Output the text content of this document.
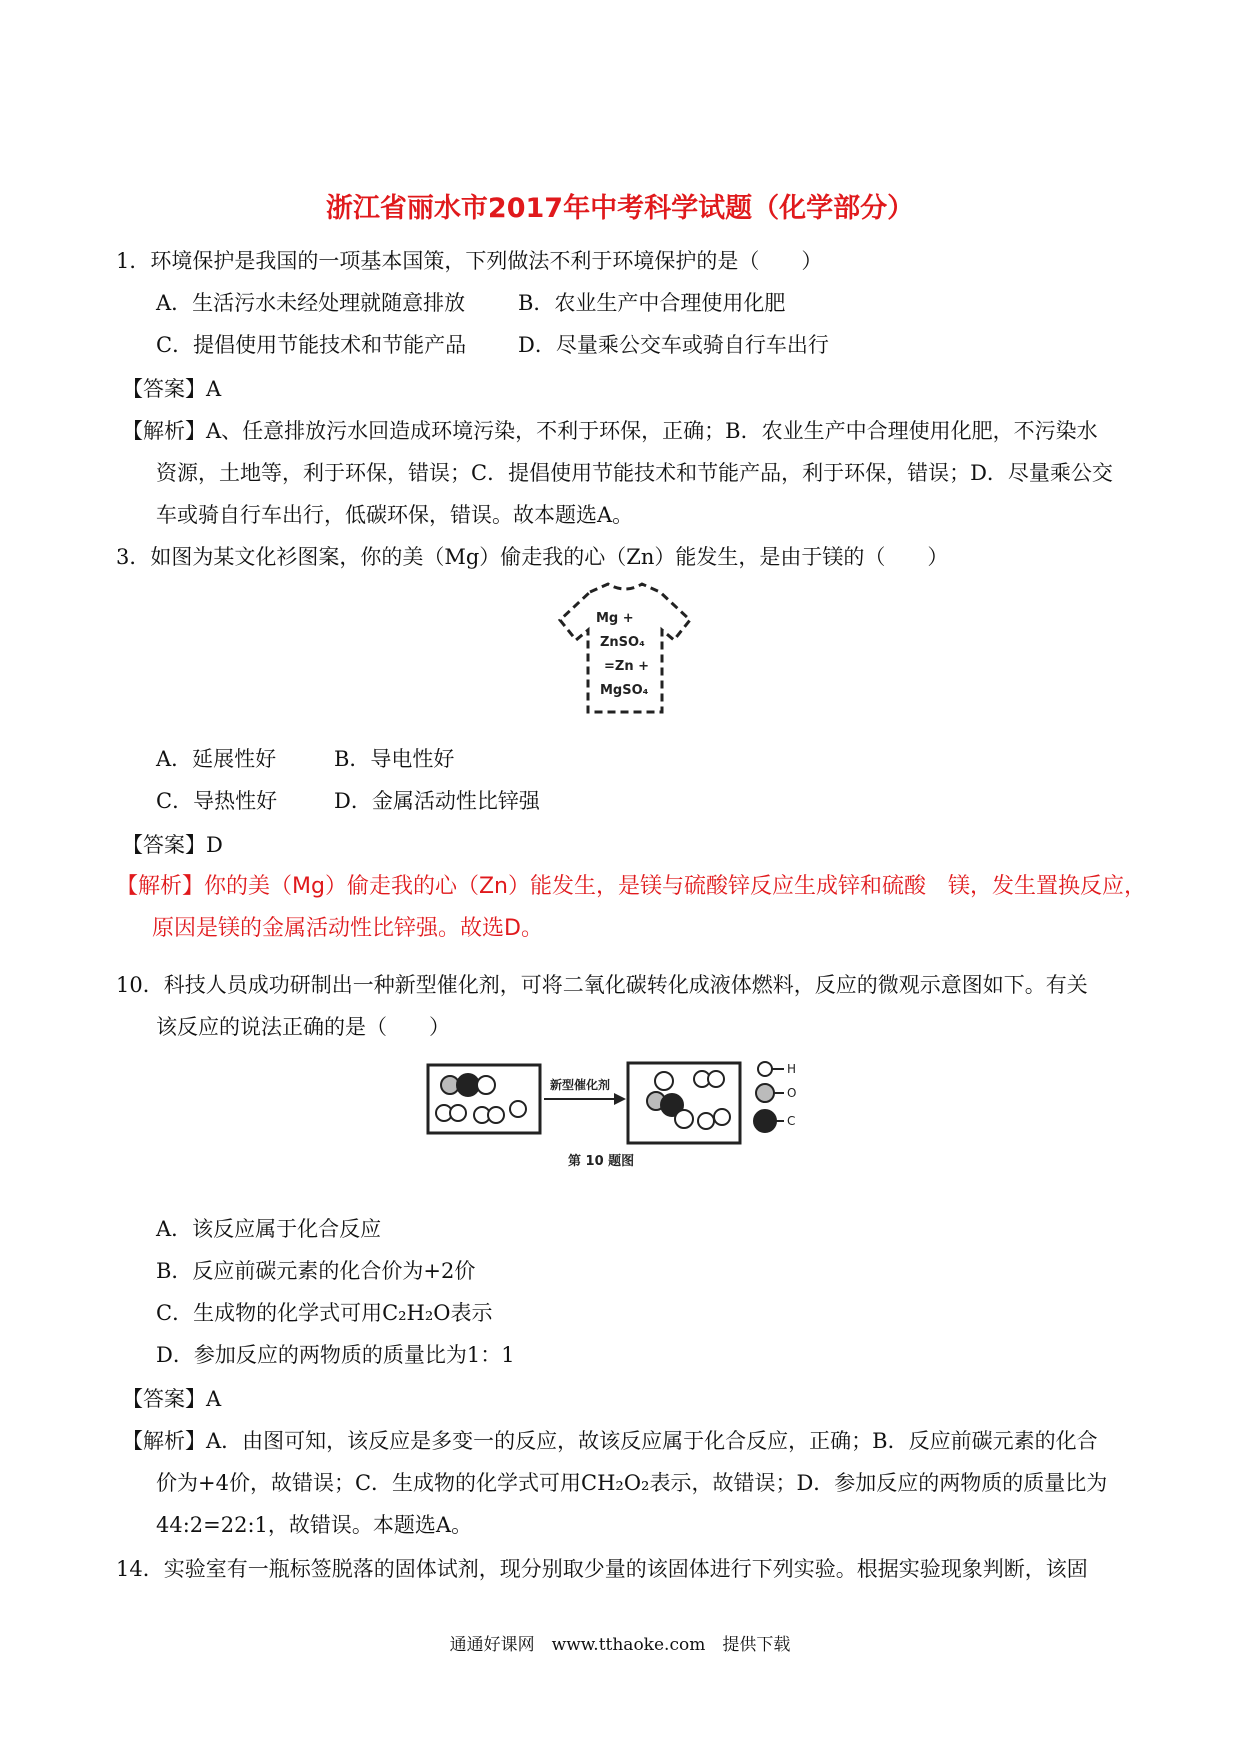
浙江省丽水市2017年中考科学试题（化学部分）
1．环境保护是我国的一项基本国策，下列做法不利于环境保护的是（　　）
A．生活污水未经处理就随意排放	B．农业生产中合理使用化肥
C．提倡使用节能技术和节能产品 D．尽量乘公交车或骑自行车出行
【答案】A
【解析】A、任意排放污水回造成环境污染，不利于环保，正确；B．农业生产中合理使用化肥，不污染水
资源，土地等，利于环保，错误；C．提倡使用节能技术和节能产品，利于环保，错误；D．尽量乘公交
车或骑自行车出行，低碳环保，错误。故本题选A。
3．如图为某文化衫图案，你的美（Mg）偷走我的心（Zn）能发生，是由于镁的（　　）
Mg +
ZnSO₄
=Zn +
MgSO₄
A．延展性好	B．导电性好
C．导热性好	D．金属活动性比锌强
【答案】D
【解析】你的美（Mg）偷走我的心（Zn）能发生，是镁与硫酸锌反应生成锌和硫酸　镁，发生置换反应，
原因是镁的金属活动性比锌强。故选D。
10．科技人员成功研制出一种新型催化剂，可将二氧化碳转化成液体燃料，反应的微观示意图如下。有关
该反应的说法正确的是（　　）
新型催化剂
H
O
C
第 10 题图
A．该反应属于化合反应
B．反应前碳元素的化合价为+2价
C．生成物的化学式可用C₂H₂O表示
D．参加反应的两物质的质量比为1：1
【答案】A
【解析】A．由图可知，该反应是多变一的反应，故该反应属于化合反应，正确；B．反应前碳元素的化合
价为+4价，故错误；C．生成物的化学式可用CH₂O₂表示，故错误；D．参加反应的两物质的质量比为
44:2=22:1，故错误。本题选A。
14．实验室有一瓶标签脱落的固体试剂，现分别取少量的该固体进行下列实验。根据实验现象判断，该固
通通好课网　www.tthaoke.com　提供下载
